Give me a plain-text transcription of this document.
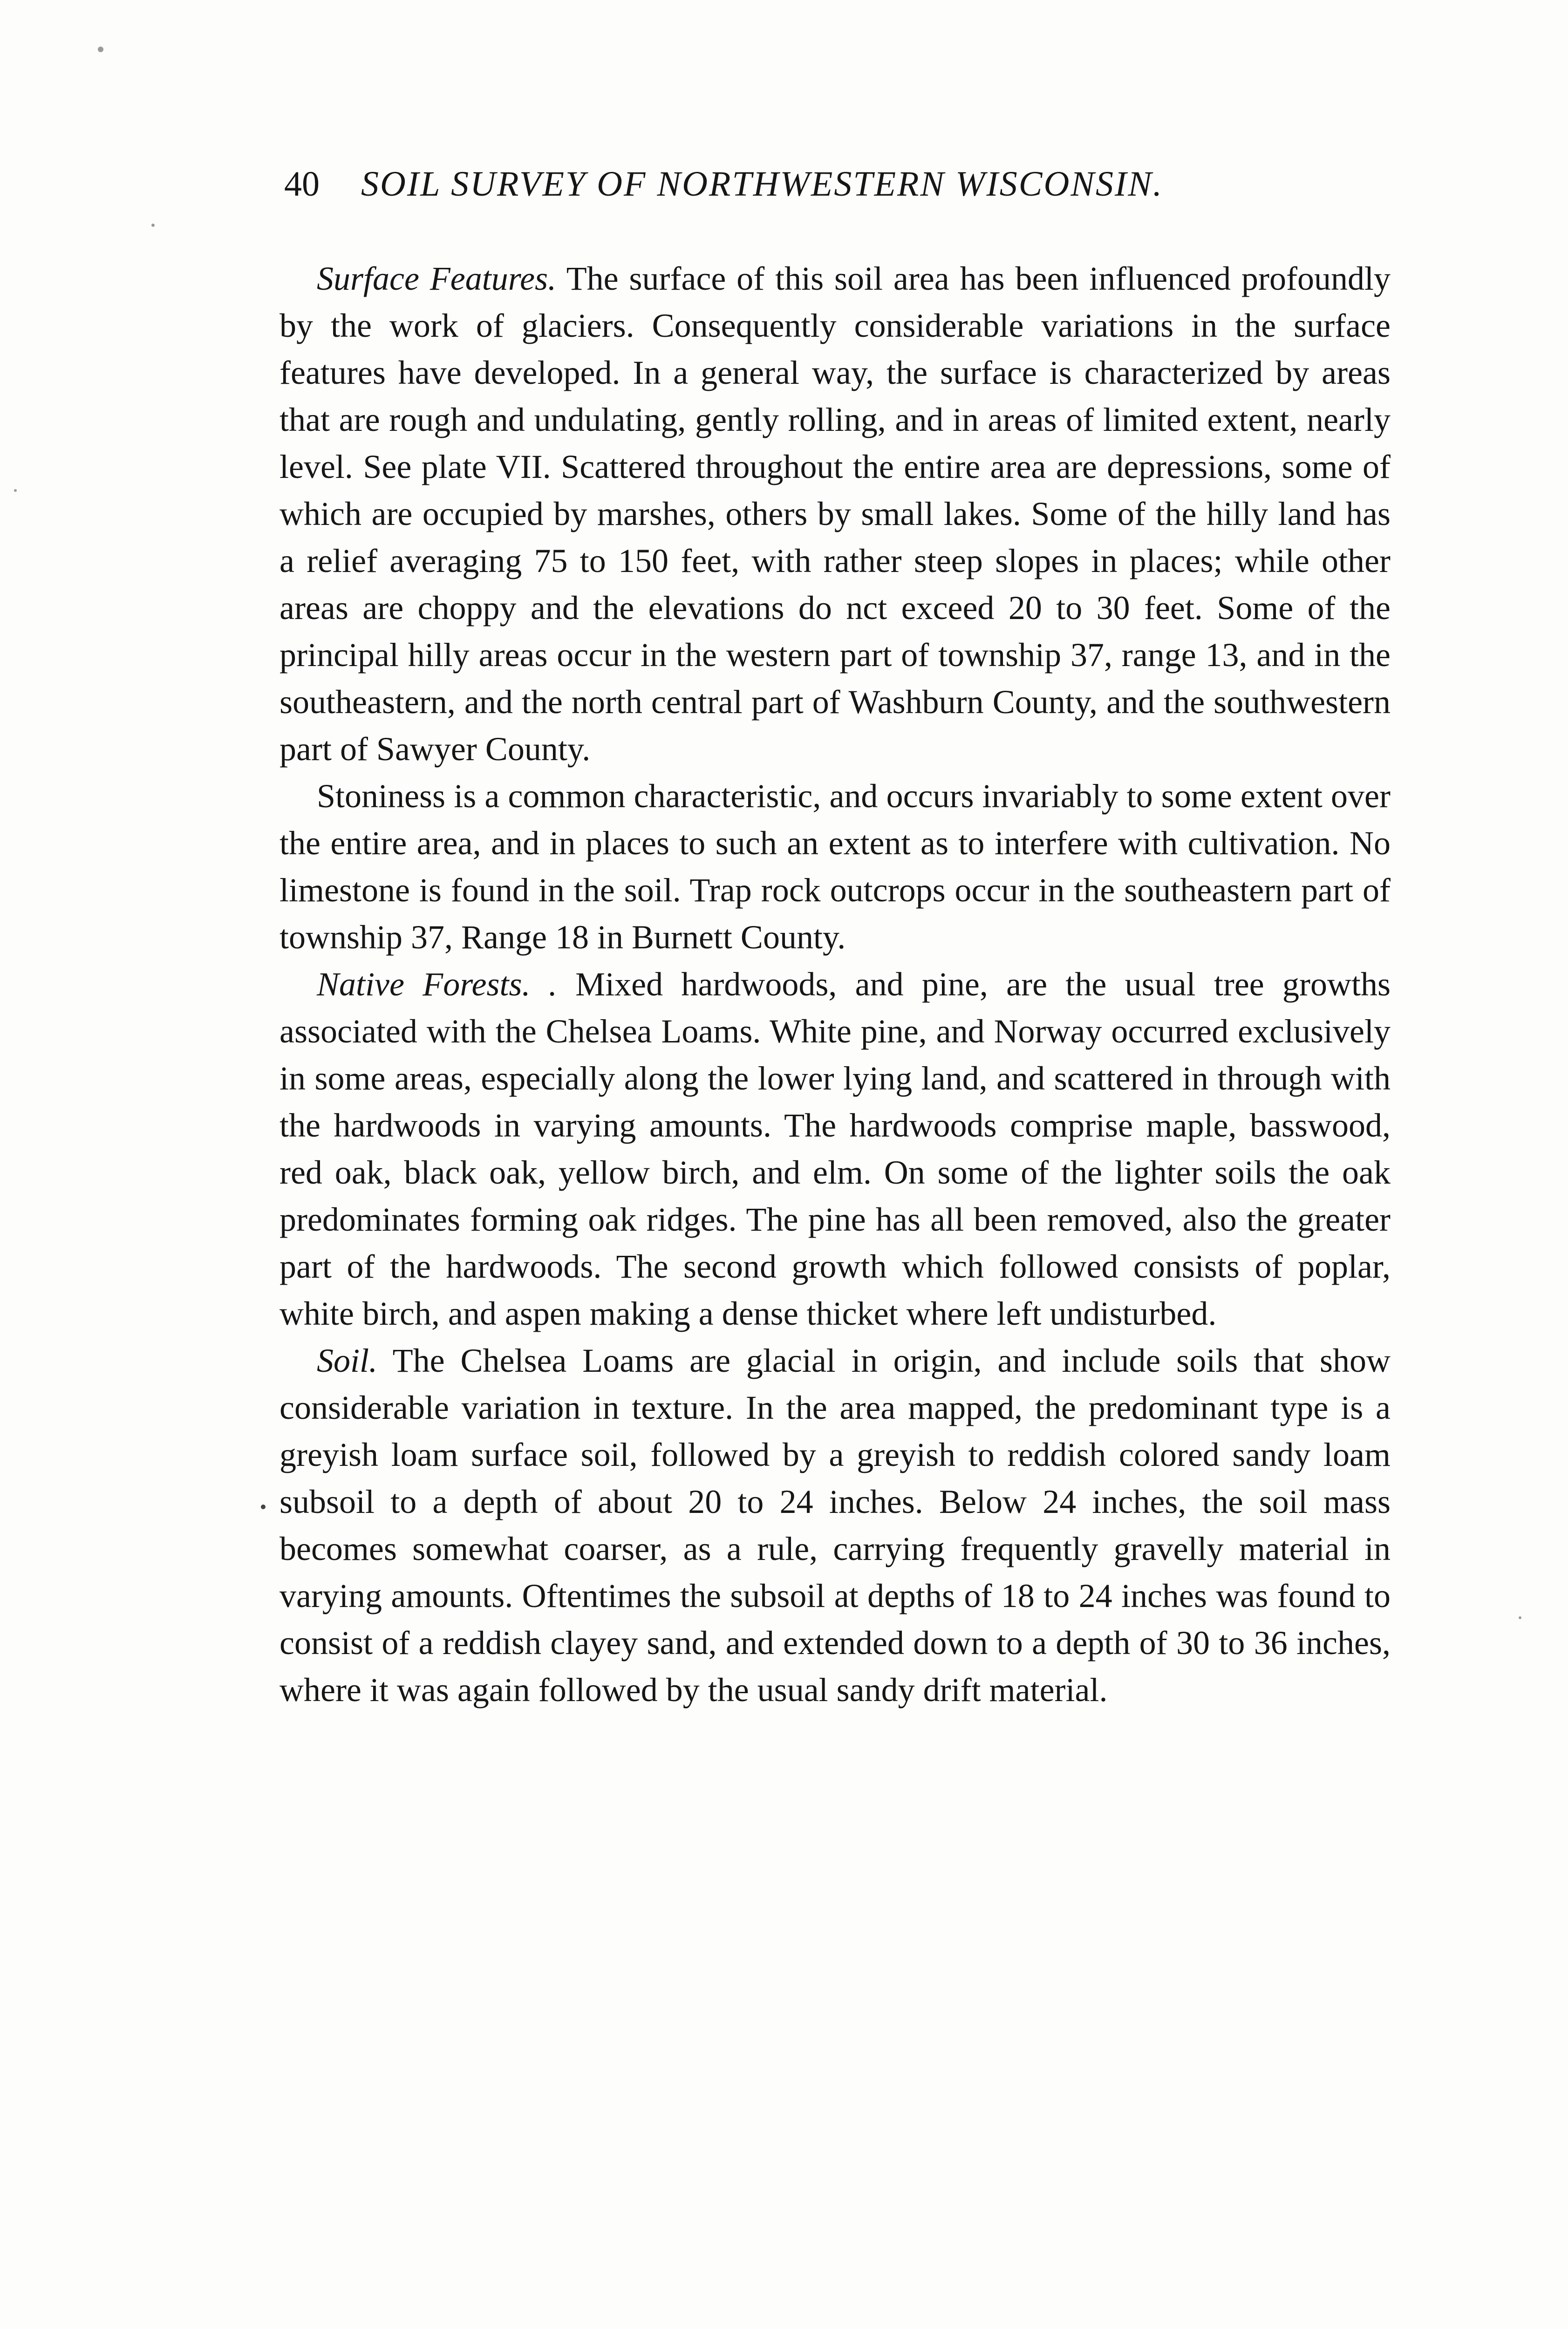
40 SOIL SURVEY OF NORTHWESTERN WISCONSIN.

Surface Features. The surface of this soil area has been influenced profoundly by the work of glaciers. Consequently considerable variations in the surface features have developed. In a general way, the surface is characterized by areas that are rough and undulating, gently rolling, and in areas of limited extent, nearly level. See plate VII. Scattered throughout the entire area are depressions, some of which are occupied by marshes, others by small lakes. Some of the hilly land has a relief averaging 75 to 150 feet, with rather steep slopes in places; while other areas are choppy and the elevations do nct exceed 20 to 30 feet. Some of the principal hilly areas occur in the western part of township 37, range 13, and in the southeastern, and the north central part of Washburn County, and the southwestern part of Sawyer County.

Stoniness is a common characteristic, and occurs invariably to some extent over the entire area, and in places to such an extent as to interfere with cultivation. No limestone is found in the soil. Trap rock outcrops occur in the southeastern part of township 37, Range 18 in Burnett County.

Native Forests. . Mixed hardwoods, and pine, are the usual tree growths associated with the Chelsea Loams. White pine, and Norway occurred exclusively in some areas, especially along the lower lying land, and scattered in through with the hardwoods in varying amounts. The hardwoods comprise maple, basswood, red oak, black oak, yellow birch, and elm. On some of the lighter soils the oak predominates forming oak ridges. The pine has all been removed, also the greater part of the hardwoods. The second growth which followed consists of poplar, white birch, and aspen making a dense thicket where left undisturbed.

Soil. The Chelsea Loams are glacial in origin, and include soils that show considerable variation in texture. In the area mapped, the predominant type is a greyish loam surface soil, followed by a greyish to reddish colored sandy loam subsoil to a depth of about 20 to 24 inches. Below 24 inches, the soil mass becomes somewhat coarser, as a rule, carrying frequently gravelly material in varying amounts. Oftentimes the subsoil at depths of 18 to 24 inches was found to consist of a reddish clayey sand, and extended down to a depth of 30 to 36 inches, where it was again followed by the usual sandy drift material.
